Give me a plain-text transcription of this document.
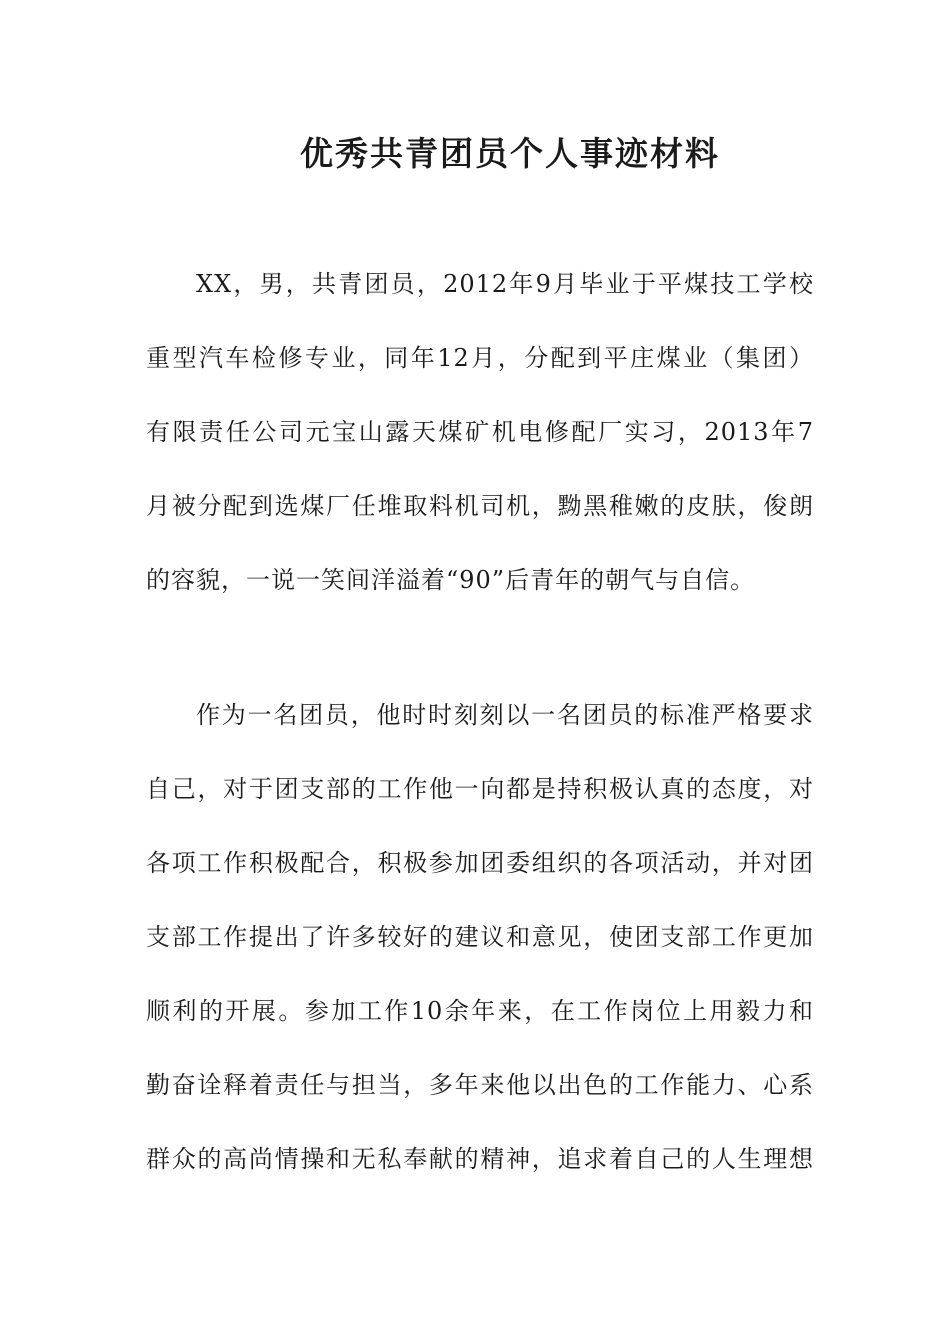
优秀共青团员个人事迹材料
XX，男，共青团员，2012年9月毕业于平煤技工学校
重型汽车检修专业，同年12月，分配到平庄煤业（集团）
有限责任公司元宝山露天煤矿机电修配厂实习，2013年7
月被分配到选煤厂任堆取料机司机，黝黑稚嫩的皮肤，俊朗
的容貌，一说一笑间洋溢着“90”后青年的朝气与自信。
作为一名团员，他时时刻刻以一名团员的标准严格要求
自己，对于团支部的工作他一向都是持积极认真的态度，对
各项工作积极配合，积极参加团委组织的各项活动，并对团
支部工作提出了许多较好的建议和意见，使团支部工作更加
顺利的开展。参加工作10余年来，在工作岗位上用毅力和
勤奋诠释着责任与担当，多年来他以出色的工作能力、心系
群众的高尚情操和无私奉献的精神，追求着自己的人生理想
